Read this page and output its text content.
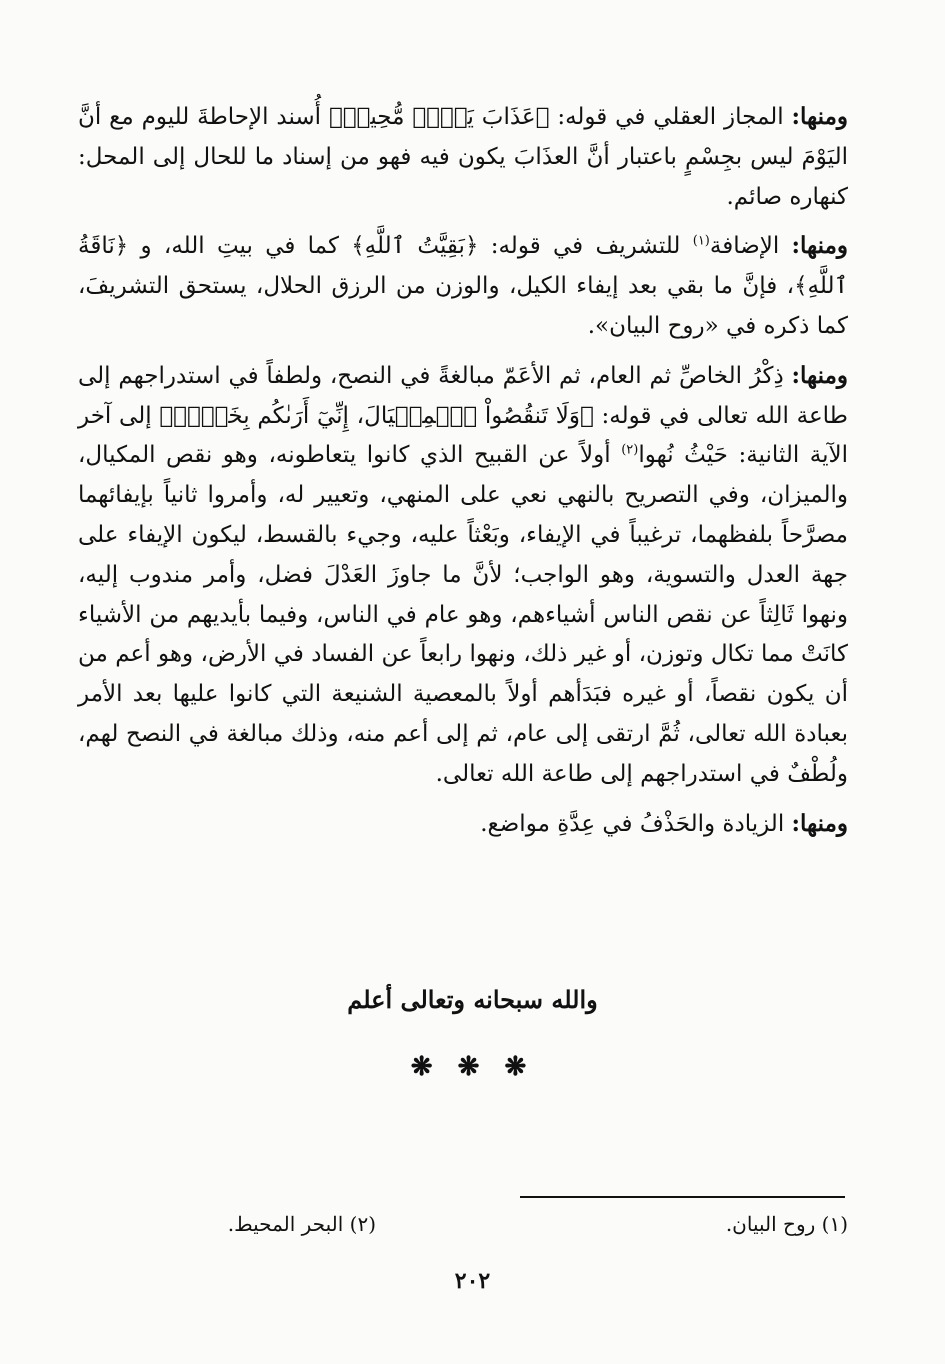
ومنها: المجاز العقلي في قوله: ﴿عَذَابَ يَوۡمٖ مُّحِيطٖ﴾ أُسند الإحاطةَ لليوم مع أنَّ اليَوْمَ ليس بجِسْمٍ باعتبار أنَّ العذَابَ يكون فيه فهو من إسناد ما للحال إلى المحل: كنهاره صائم.

ومنها: الإضافة$^{(١)}$ للتشريف في قوله: ﴿بَقِيَّتُ ٱللَّهِ﴾ كما في بيتِ الله، و ﴿نَاقَةُ ٱللَّهِ﴾، فإنَّ ما بقي بعد إيفاء الكيل، والوزن من الرزق الحلال، يستحق التشريفَ، كما ذكره في «روح البيان».

ومنها: ذِكْرُ الخاصِّ ثم العام، ثم الأعَمّ مبالغةً في النصح، ولطفاً في استدراجهم إلى طاعة الله تعالى في قوله: ﴿وَلَا تَنقُصُواْ ٱلۡمِكۡيَالَ، إِنِّيٓ أَرَىٰكُم بِخَيۡرٖ﴾ إلى آخر الآية الثانية: حَيْثُ نُهوا$^{(٢)}$ أولاً عن القبيح الذي كانوا يتعاطونه، وهو نقص المكيال، والميزان، وفي التصريح بالنهي نعي على المنهي، وتعيير له، وأمروا ثانياً بإيفائهما مصرَّحاً بلفظهما، ترغيباً في الإيفاء، وبَعْثاً عليه، وجيء بالقسط، ليكون الإيفاء على جهة العدل والتسوية، وهو الواجب؛ لأنَّ ما جاوزَ العَدْلَ فضل، وأمر مندوب إليه، ونهوا ثَالِثاً عن نقص الناس أشياءهم، وهو عام في الناس، وفيما بأيديهم من الأشياء كانَتْ مما تكال وتوزن، أو غير ذلك، ونهوا رابعاً عن الفساد في الأرض، وهو أعم من أن يكون نقصاً، أو غيره فبَدَأهم أولاً بالمعصية الشنيعة التي كانوا عليها بعد الأمر بعبادة الله تعالى، ثُمَّ ارتقى إلى عام، ثم إلى أعم منه، وذلك مبالغة في النصح لهم، ولُطْفٌ في استدراجهم إلى طاعة الله تعالى.

ومنها: الزيادة والحَذْفُ في عِدَّةِ مواضع.

والله سبحانه وتعالى أعلم
❋ ❋ ❋
(١) روح البيان.
(٢) البحر المحيط.
٢٠٢
